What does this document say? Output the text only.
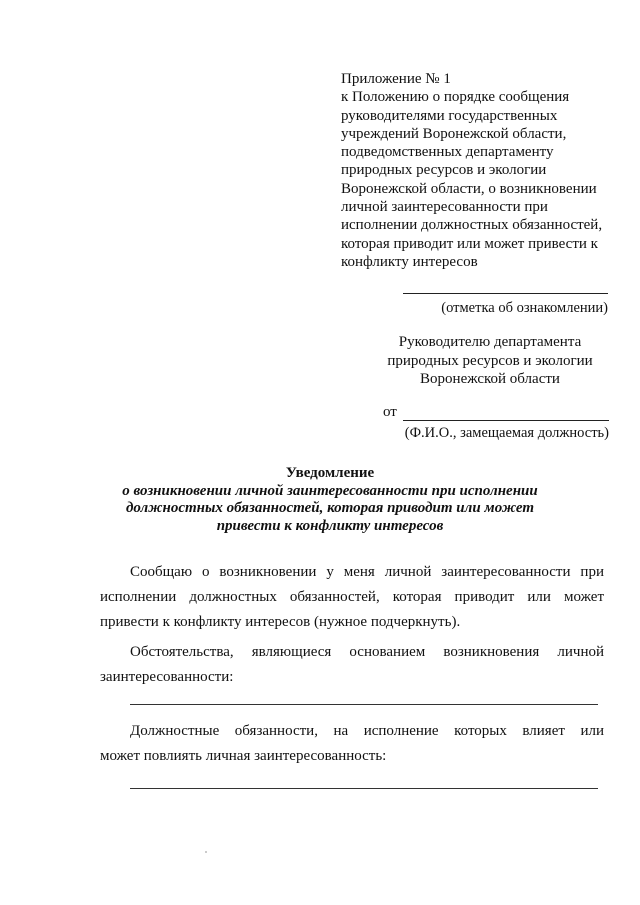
Приложение № 1
к Положению о порядке сообщения
руководителями государственных
учреждений Воронежской области,
подведомственных департаменту
природных ресурсов и экологии
Воронежской области, о возникновении
личной заинтересованности при
исполнении должностных обязанностей,
которая приводит или может привести к
конфликту интересов
(отметка об ознакомлении)
Руководителю департамента
природных ресурсов и экологии
Воронежской области
от
(Ф.И.О., замещаемая должность)
Уведомление
о возникновении личной заинтересованности при исполнении
должностных обязанностей, которая приводит или может
привести к конфликту интересов
Сообщаю о возникновении у меня личной заинтересованности при
исполнении должностных обязанностей, которая приводит или может
привести к конфликту интересов (нужное подчеркнуть).
Обстоятельства, являющиеся основанием возникновения личной
заинтересованности:
Должностные обязанности, на исполнение которых влияет или
может повлиять личная заинтересованность:
